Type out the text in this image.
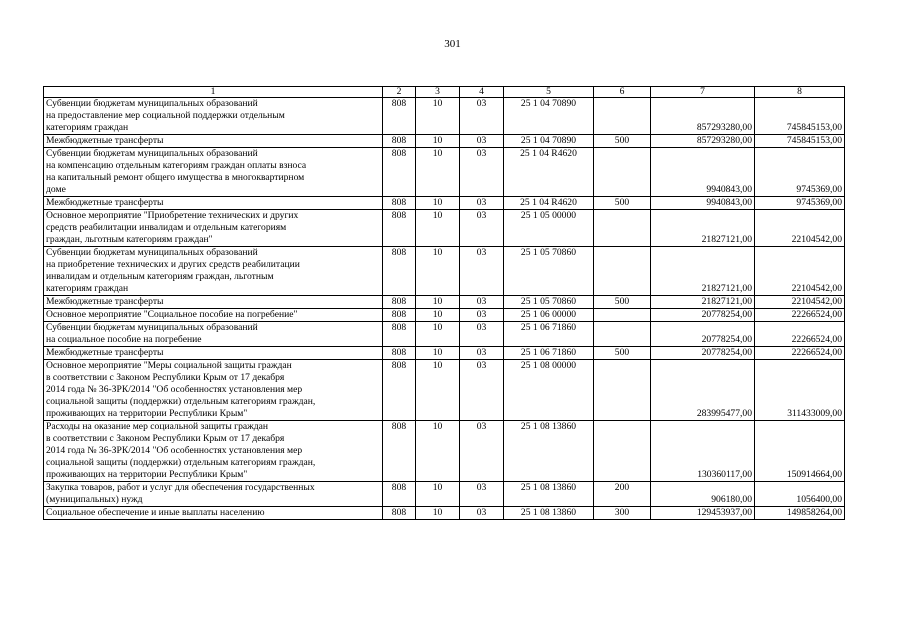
301
1	2	3	4	5	6	7	8
Субвенции бюджетам муниципальных образований
на предоставление мер социальной поддержки отдельным
категориям граждан	808	10	03	25 1 04 70890		857293280,00	745845153,00
Межбюджетные трансферты	808	10	03	25 1 04 70890	500	857293280,00	745845153,00
Субвенции бюджетам муниципальных образований
на компенсацию отдельным категориям граждан оплаты взноса
на капитальный ремонт общего имущества в многоквартирном
доме	808	10	03	25 1 04 R4620		9940843,00	9745369,00
Межбюджетные трансферты	808	10	03	25 1 04 R4620	500	9940843,00	9745369,00
Основное мероприятие "Приобретение технических и других
средств реабилитации инвалидам и отдельным категориям
граждан, льготным категориям граждан"	808	10	03	25 1 05 00000		21827121,00	22104542,00
Субвенции бюджетам муниципальных образований
на приобретение технических и других средств реабилитации
инвалидам и отдельным категориям граждан, льготным
категориям граждан	808	10	03	25 1 05 70860		21827121,00	22104542,00
Межбюджетные трансферты	808	10	03	25 1 05 70860	500	21827121,00	22104542,00
Основное мероприятие "Социальное пособие на погребение"	808	10	03	25 1 06 00000		20778254,00	22266524,00
Субвенции бюджетам муниципальных образований
на социальное пособие на погребение	808	10	03	25 1 06 71860		20778254,00	22266524,00
Межбюджетные трансферты	808	10	03	25 1 06 71860	500	20778254,00	22266524,00
Основное мероприятие "Меры социальной защиты граждан
в соответствии с Законом Республики Крым от 17 декабря
2014 года № 36-ЗРК/2014 "Об особенностях установления мер
социальной защиты (поддержки) отдельным категориям граждан,
проживающих на территории Республики Крым"	808	10	03	25 1 08 00000		283995477,00	311433009,00
Расходы на оказание мер социальной защиты граждан
в соответствии с Законом Республики Крым от 17 декабря
2014 года № 36-ЗРК/2014 "Об особенностях установления мер
социальной защиты (поддержки) отдельным категориям граждан,
проживающих на территории Республики Крым"	808	10	03	25 1 08 13860		130360117,00	150914664,00
Закупка товаров, работ и услуг для обеспечения государственных
(муниципальных) нужд	808	10	03	25 1 08 13860	200	906180,00	1056400,00
Социальное обеспечение и иные выплаты населению	808	10	03	25 1 08 13860	300	129453937,00	149858264,00
